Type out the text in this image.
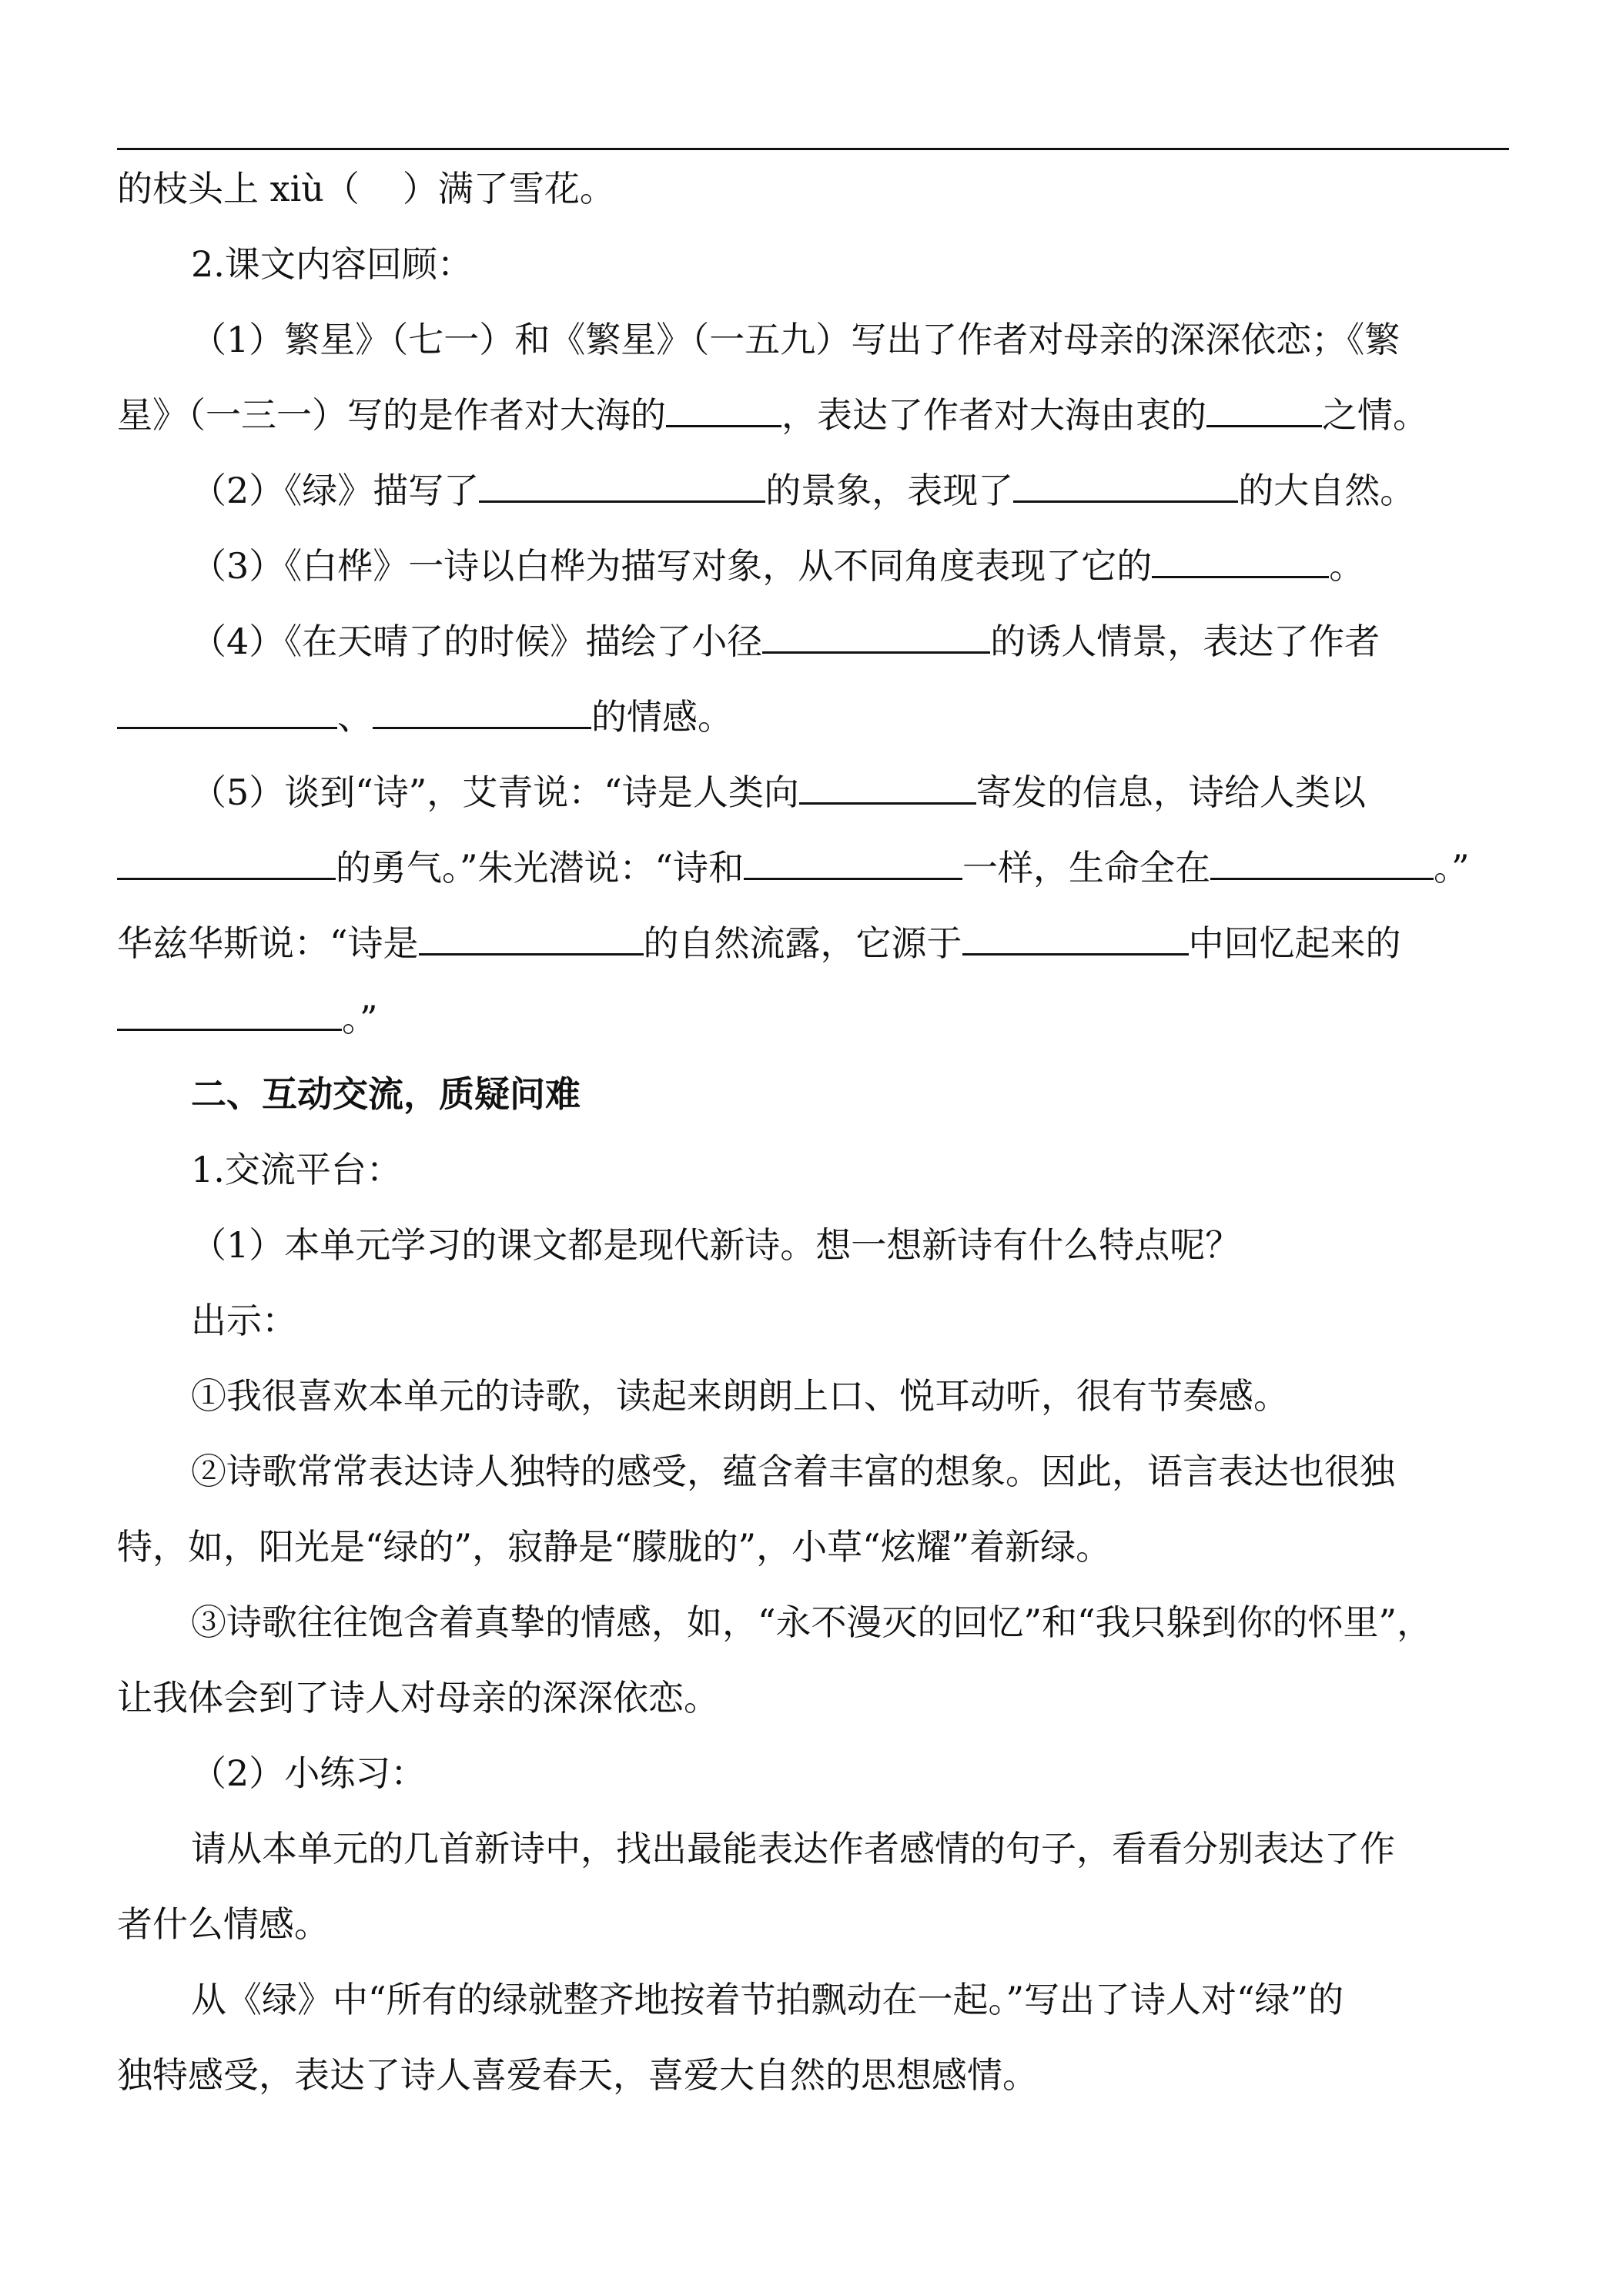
的枝头上 xiù（ ）满了雪花。

2.课文内容回顾：

（1）繁星》（七一）和《繁星》（一五九）写出了作者对母亲的深深依恋；《繁
星》（一三一）写的是作者对大海的	，表达了作者对大海由衷的	之情。

（2）《绿》描写了	的景象，表现了	的大自然。

（3）《白桦》一诗以白桦为描写对象，从不同角度表现了它的	。

（4）《在天晴了的时候》描绘了小径	的诱人情景，表达了作者
、	的情感。
（5）谈到“诗”，艾青说：“诗是人类向	寄发的信息，诗给人类以
的勇气。”朱光潜说：“诗和	一样，生命全在	。”
华兹华斯说：“诗是	的自然流露，它源于	中回忆起来的
。”

二、互动交流，质疑问难

1.交流平台：

（1）本单元学习的课文都是现代新诗。想一想新诗有什么特点呢？

出示：

①我很喜欢本单元的诗歌，读起来朗朗上口、悦耳动听，很有节奏感。

②诗歌常常表达诗人独特的感受，蕴含着丰富的想象。因此，语言表达也很独
特，如，阳光是“绿的”，寂静是“朦胧的”，小草“炫耀”着新绿。
③诗歌往往饱含着真挚的情感，如，“永不漫灭的回忆”和“我只躲到你的怀里”，
让我体会到了诗人对母亲的深深依恋。

（2）小练习：

请从本单元的几首新诗中，找出最能表达作者感情的句子，看看分别表达了作
者什么情感。
从《绿》中“所有的绿就整齐地按着节拍飘动在一起。”写出了诗人对“绿”的
独特感受，表达了诗人喜爱春天，喜爱大自然的思想感情。
